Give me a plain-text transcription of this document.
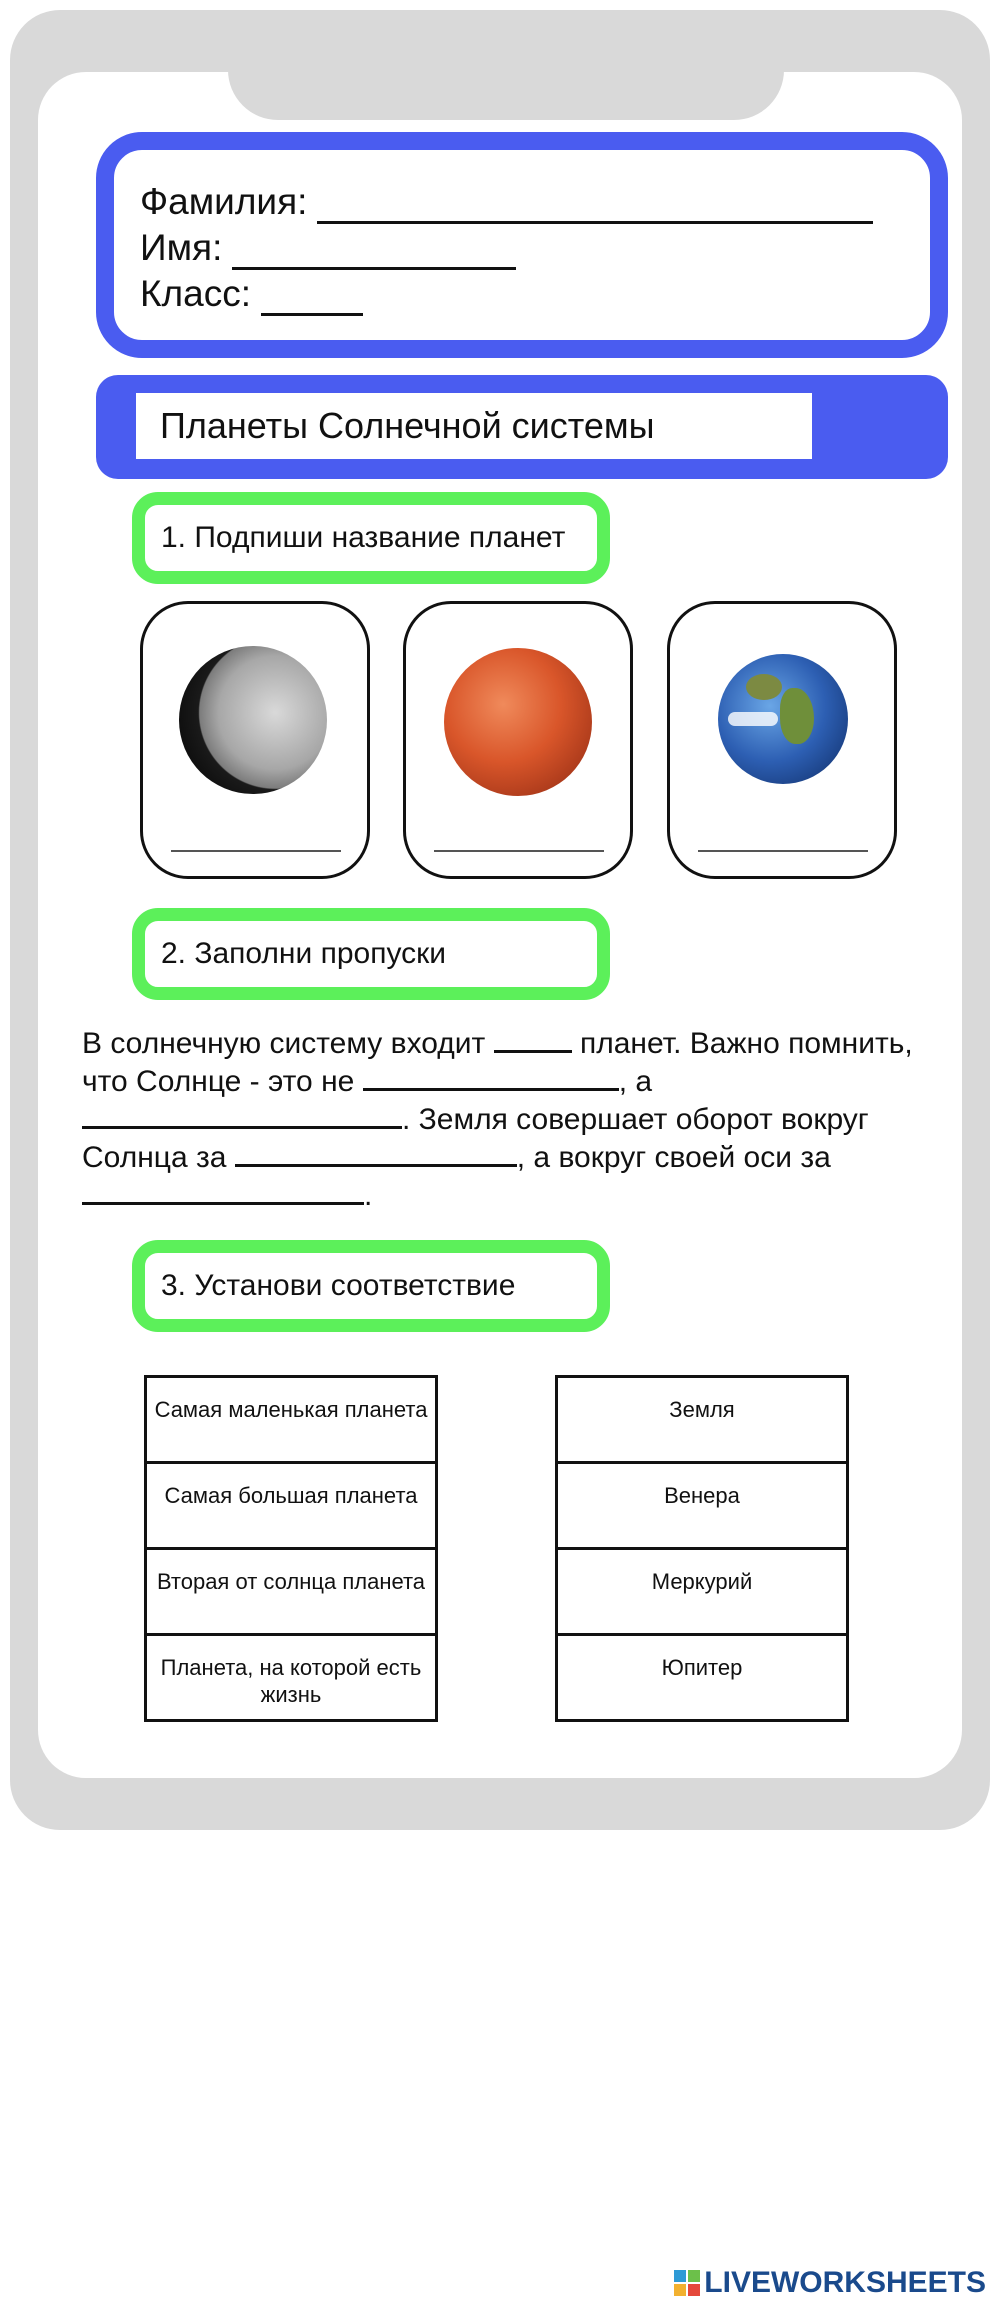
Фамилия:
Имя:
Класс:
Планеты Солнечной системы
1. Подпиши название планет
2. Заполни пропуски
В солнечную систему входит	планет. Важно помнить, что Солнце - это не	, а . Земля совершает оборот вокруг Солнца за	, а вокруг своей оси за .
3. Установи соответствие
Самая маленькая планета
Самая большая планета
Вторая от солнца планета
Планета, на которой есть жизнь
Земля
Венера
Меркурий
Юпитер
LIVEWORKSHEETS
